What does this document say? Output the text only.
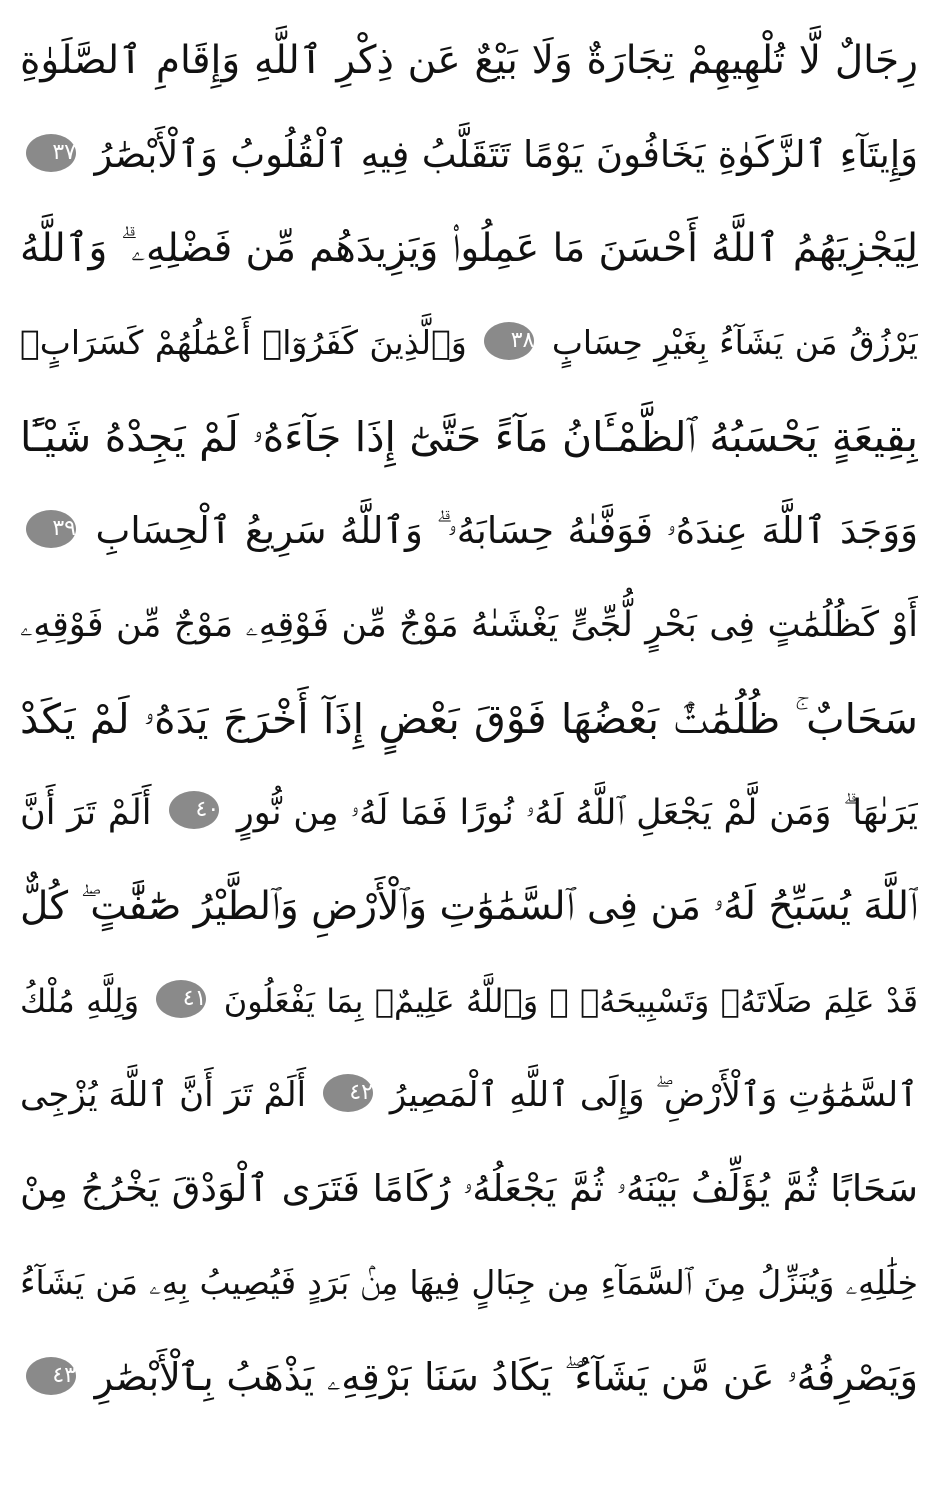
رِجَالٌ لَّا تُلْهِيهِمْ تِجَارَةٌ وَلَا بَيْعٌ عَن ذِكْرِ ٱللَّهِ وَإِقَامِ ٱلصَّلَوٰةِ
وَإِيتَآءِ ٱلزَّكَوٰةِ يَخَافُونَ يَوْمًا تَتَقَلَّبُ فِيهِ ٱلْقُلُوبُ وَٱلْأَبْصَٰرُ ٣٧
لِيَجْزِيَهُمُ ٱللَّهُ أَحْسَنَ مَا عَمِلُوا۟ وَيَزِيدَهُم مِّن فَضْلِهِۦ ۗ وَٱللَّهُ
يَرْزُقُ مَن يَشَآءُ بِغَيْرِ حِسَابٍ ٣٨ وَٱلَّذِينَ كَفَرُوٓا۟ أَعْمَٰلُهُمْ كَسَرَابٍۭ
بِقِيعَةٍ يَحْسَبُهُ ٱلظَّمْـَٔانُ مَآءً حَتَّىٰٓ إِذَا جَآءَهُۥ لَمْ يَجِدْهُ شَيْـًٔا
وَوَجَدَ ٱللَّهَ عِندَهُۥ فَوَفَّىٰهُ حِسَابَهُۥ ۗ وَٱللَّهُ سَرِيعُ ٱلْحِسَابِ ٣٩
أَوْ كَظُلُمَٰتٍ فِى بَحْرٍ لُّجِّىٍّ يَغْشَىٰهُ مَوْجٌ مِّن فَوْقِهِۦ مَوْجٌ مِّن فَوْقِهِۦ
سَحَابٌ ۚ ظُلُمَٰتٌۢ بَعْضُهَا فَوْقَ بَعْضٍ إِذَآ أَخْرَجَ يَدَهُۥ لَمْ يَكَدْ
يَرَىٰهَا ۗ وَمَن لَّمْ يَجْعَلِ ٱللَّهُ لَهُۥ نُورًا فَمَا لَهُۥ مِن نُّورٍ ٤٠ أَلَمْ تَرَ أَنَّ
ٱللَّهَ يُسَبِّحُ لَهُۥ مَن فِى ٱلسَّمَٰوَٰتِ وَٱلْأَرْضِ وَٱلطَّيْرُ صَٰٓفَّٰتٍ ۖ كُلٌّ
قَدْ عَلِمَ صَلَاتَهُۥ وَتَسْبِيحَهُۥ ۗ وَٱللَّهُ عَلِيمٌۢ بِمَا يَفْعَلُونَ ٤١ وَلِلَّهِ مُلْكُ
ٱلسَّمَٰوَٰتِ وَٱلْأَرْضِ ۖ وَإِلَى ٱللَّهِ ٱلْمَصِيرُ ٤٢ أَلَمْ تَرَ أَنَّ ٱللَّهَ يُزْجِى
سَحَابًا ثُمَّ يُؤَلِّفُ بَيْنَهُۥ ثُمَّ يَجْعَلُهُۥ رُكَامًا فَتَرَى ٱلْوَدْقَ يَخْرُجُ مِنْ
خِلَٰلِهِۦ وَيُنَزِّلُ مِنَ ٱلسَّمَآءِ مِن جِبَالٍ فِيهَا مِنۢ بَرَدٍ فَيُصِيبُ بِهِۦ مَن يَشَآءُ
وَيَصْرِفُهُۥ عَن مَّن يَشَآءُ ۖ يَكَادُ سَنَا بَرْقِهِۦ يَذْهَبُ بِٱلْأَبْصَٰرِ ٤٣
